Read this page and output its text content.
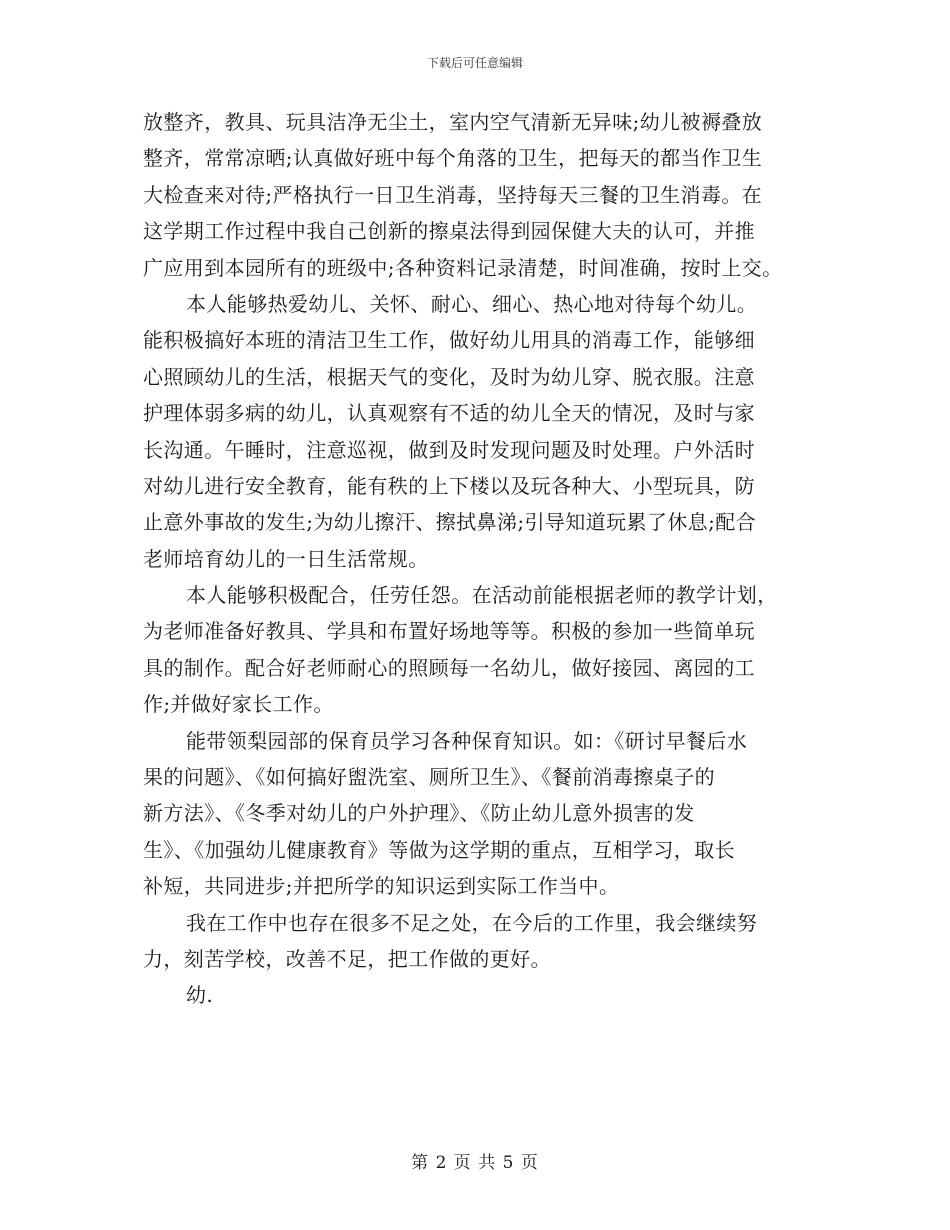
下载后可任意编辑
放整齐，教具、玩具洁净无尘土，室内空气清新无异味;幼儿被褥叠放
整齐，常常凉晒;认真做好班中每个角落的卫生，把每天的都当作卫生
大检查来对待;严格执行一日卫生消毒，坚持每天三餐的卫生消毒。在
这学期工作过程中我自己创新的擦桌法得到园保健大夫的认可，并推
广应用到本园所有的班级中;各种资料记录清楚，时间准确，按时上交。
本人能够热爱幼儿、关怀、耐心、细心、热心地对待每个幼儿。
能积极搞好本班的清洁卫生工作，做好幼儿用具的消毒工作，能够细
心照顾幼儿的生活，根据天气的变化，及时为幼儿穿、脱衣服。注意
护理体弱多病的幼儿，认真观察有不适的幼儿全天的情况，及时与家
长沟通。午睡时，注意巡视，做到及时发现问题及时处理。户外活时
对幼儿进行安全教育，能有秩的上下楼以及玩各种大、小型玩具，防
止意外事故的发生;为幼儿擦汗、擦拭鼻涕;引导知道玩累了休息;配合
老师培育幼儿的一日生活常规。
本人能够积极配合，任劳任怨。在活动前能根据老师的教学计划，
为老师准备好教具、学具和布置好场地等等。积极的参加一些简单玩
具的制作。配合好老师耐心的照顾每一名幼儿，做好接园、离园的工
作;并做好家长工作。
能带领梨园部的保育员学习各种保育知识。如：《研讨早餐后水
果的问题》、《如何搞好盥洗室、厕所卫生》、《餐前消毒擦桌子的
新方法》、《冬季对幼儿的户外护理》、《防止幼儿意外损害的发
生》、《加强幼儿健康教育》等做为这学期的重点，互相学习，取长
补短，共同进步;并把所学的知识运到实际工作当中。
我在工作中也存在很多不足之处，在今后的工作里，我会继续努
力，刻苦学校，改善不足，把工作做的更好。
幼.
第 2 页 共 5 页
